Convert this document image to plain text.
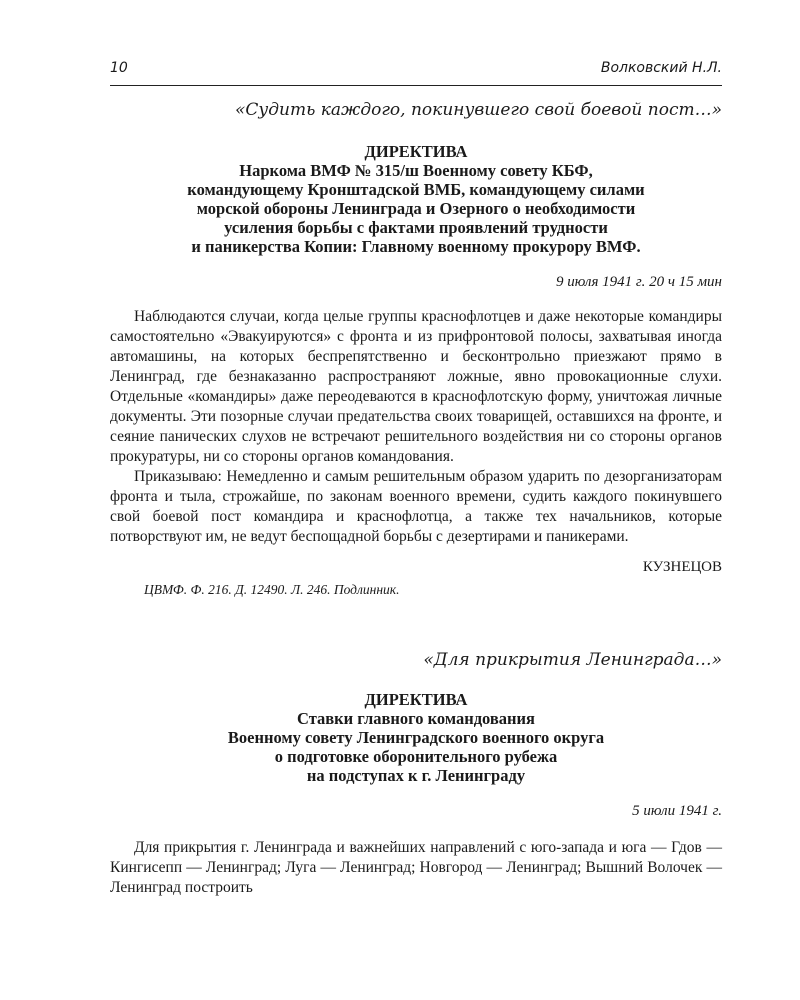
10	Волковский Н.Л.

«Судить каждого, покинувшего свой боевой пост…»

ДИРЕКТИВА
Наркома ВМФ № 315/ш Военному совету КБФ,
командующему Кронштадской ВМБ, командующему силами
морской обороны Ленинграда и Озерного о необходимости
усиления борьбы с фактами проявлений трудности
и паникерства Копии: Главному военному прокурору ВМФ.

9 июля 1941 г. 20 ч 15 мин

Наблюдаются случаи, когда целые группы краснофлотцев и даже некоторые командиры самостоятельно «Эвакуируются» с фронта и из прифронтовой полосы, захватывая иногда автомашины, на которых беспрепятственно и бесконтрольно приезжают прямо в Ленинград, где безнаказанно распространяют ложные, явно провокационные слухи. Отдельные «командиры» даже переодеваются в краснофлотскую форму, уничтожая личные документы. Эти позорные случаи предательства своих товарищей, оставшихся на фронте, и сеяние панических слухов не встречают решительного воздействия ни со стороны органов прокуратуры, ни со стороны органов командования.

Приказываю: Немедленно и самым решительным образом ударить по дезорганизаторам фронта и тыла, строжайше, по законам военного времени, судить каждого покинувшего свой боевой пост командира и краснофлотца, а также тех начальников, которые потворствуют им, не ведут беспощадной борьбы с дезертирами и паникерами.

КУЗНЕЦОВ

ЦВМФ. Ф. 216. Д. 12490. Л. 246. Подлинник.

«Для прикрытия Ленинграда…»

ДИРЕКТИВА
Ставки главного командования
Военному совету Ленинградского военного округа
о подготовке оборонительного рубежа
на подступах к г. Ленинграду

5 июли 1941 г.

Для прикрытия г. Ленинграда и важнейших направлений с юго-запада и юга — Гдов — Кингисепп — Ленинград; Луга — Ленинград; Новгород — Ленинград; Вышний Волочек — Ленинград построить
